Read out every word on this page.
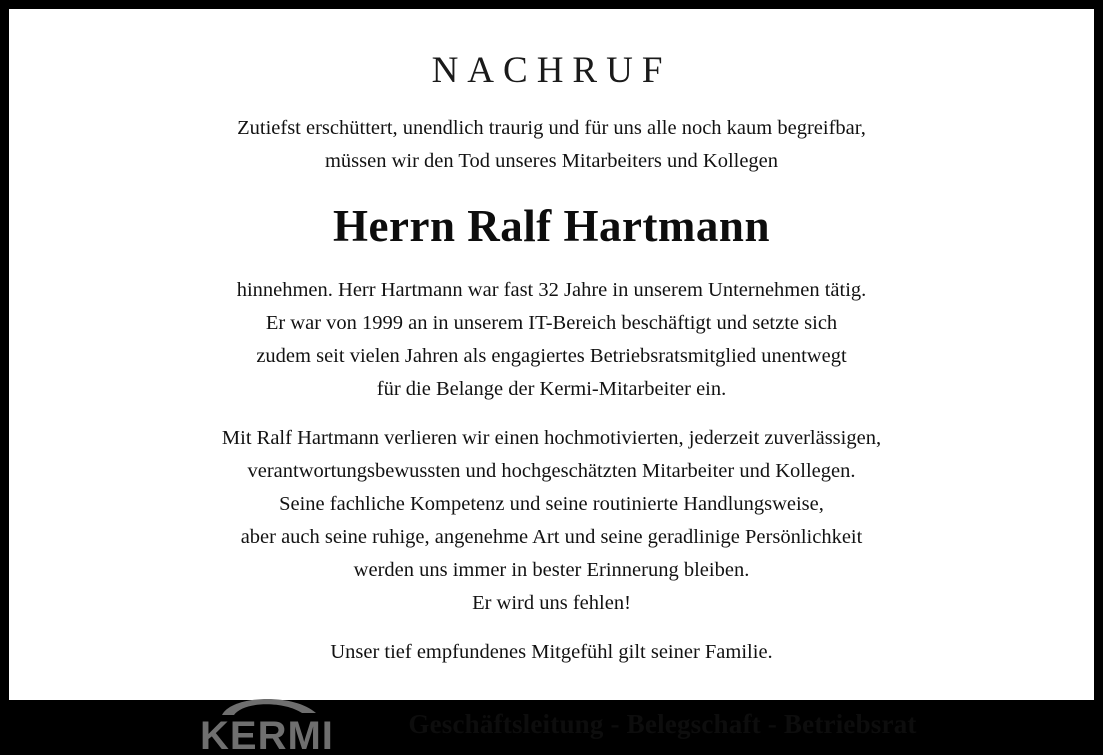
NACHRUF
Zutiefst erschüttert, unendlich traurig und für uns alle noch kaum begreifbar,
müssen wir den Tod unseres Mitarbeiters und Kollegen
Herrn Ralf Hartmann
hinnehmen. Herr Hartmann war fast 32 Jahre in unserem Unternehmen tätig.
Er war von 1999 an in unserem IT-Bereich beschäftigt und setzte sich
zudem seit vielen Jahren als engagiertes Betriebsratsmitglied unentwegt
für die Belange der Kermi-Mitarbeiter ein.
Mit Ralf Hartmann verlieren wir einen hochmotivierten, jederzeit zuverlässigen,
verantwortungsbewussten und hochgeschätzten Mitarbeiter und Kollegen.
Seine fachliche Kompetenz und seine routinierte Handlungsweise,
aber auch seine ruhige, angenehme Art und seine geradlinige Persönlichkeit
werden uns immer in bester Erinnerung bleiben.
Er wird uns fehlen!
Unser tief empfundenes Mitgefühl gilt seiner Familie.
KERMI	Geschäftsleitung - Belegschaft - Betriebsrat
